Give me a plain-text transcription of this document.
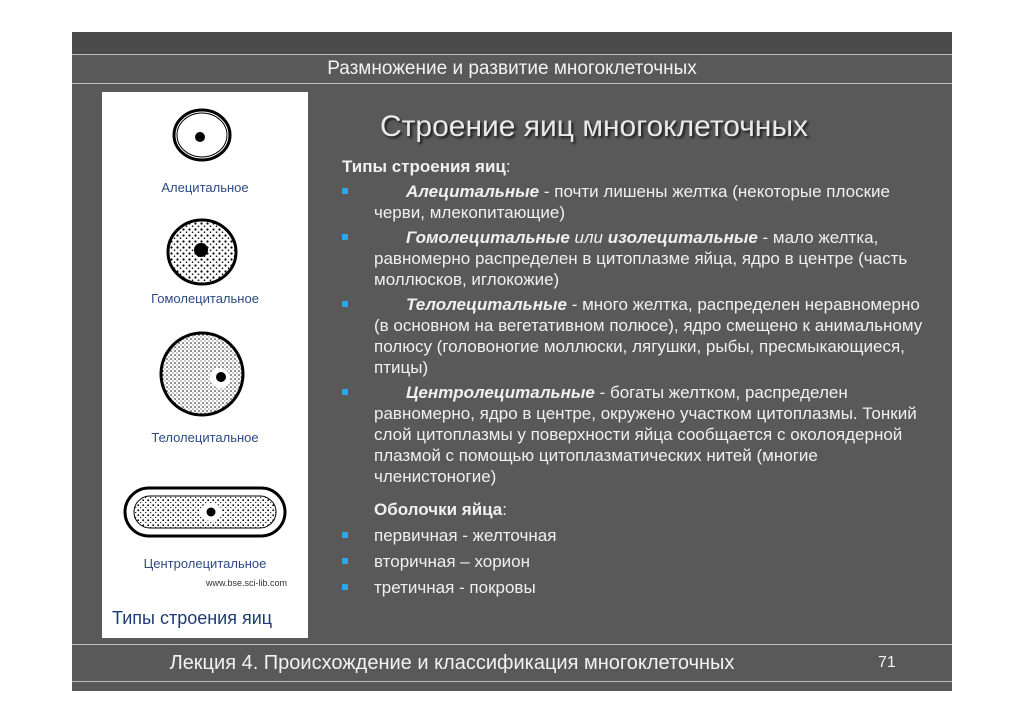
Размножение и развитие многоклеточных
Алецитальное
Гомолецитальное
Телолецитальное
Центролецитальное
www.bse.sci-lib.com
Типы строения яиц
Строение яиц многоклеточных
Типы строения яиц:
Алецитальные - почти лишены желтка (некоторые плоские черви, млекопитающие)
Гомолецитальные или изолецитальные - мало желтка, равномерно распределен в цитоплазме яйца, ядро в центре (часть моллюсков, иглокожие)
Телолецитальные - много желтка, распределен неравномерно (в основном на вегетативном полюсе), ядро смещено к анимальному полюсу (головоногие моллюски, лягушки, рыбы, пресмыкающиеся, птицы)
Центролецитальные - богаты желтком, распределен равномерно, ядро в центре, окружено участком цитоплазмы. Тонкий слой цитоплазмы у поверхности яйца сообщается с околоядерной плазмой с помощью цитоплазматических нитей (многие членистоногие)
Оболочки яйца:
первичная - желточная
вторичная – хорион
третичная - покровы
Лекция 4. Происхождение и классификация многоклеточных	71
